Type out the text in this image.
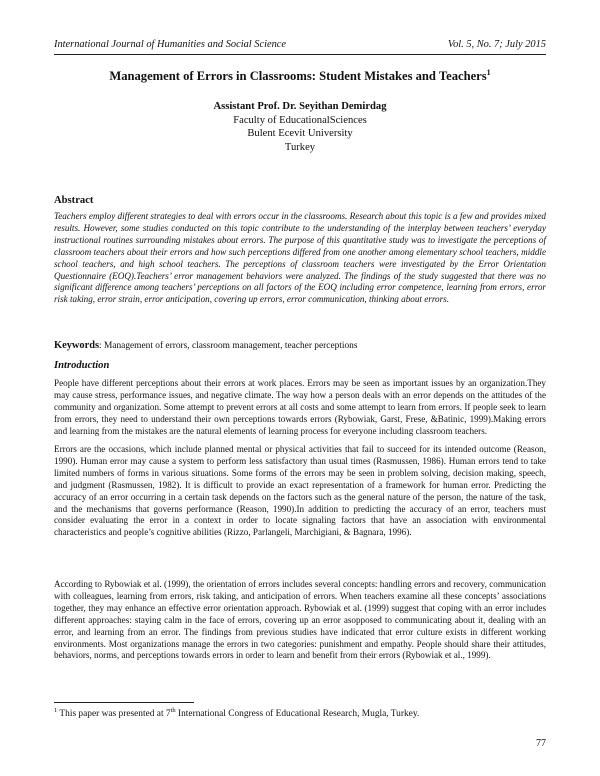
International Journal of Humanities and Social Science	Vol. 5, No. 7; July 2015
Management of Errors in Classrooms: Student Mistakes and Teachers$^1$
Assistant Prof. Dr. Seyithan Demirdag
Faculty of EducationalSciences
Bulent Ecevit University
Turkey
Abstract
Teachers employ different strategies to deal with errors occur in the classrooms. Research about this topic is a few and provides mixed results. However, some studies conducted on this topic contribute to the understanding of the interplay between teachers’ everyday instructional routines surrounding mistakes about errors. The purpose of this quantitative study was to investigate the perceptions of classroom teachers about their errors and how such perceptions differed from one another among elementary school teachers, middle school teachers, and high school teachers. The perceptions of classroom teachers were investigated by the Error Orientation Questionnaire (EOQ).Teachers’ error management behaviors were analyzed. The findings of the study suggested that there was no significant difference among teachers’ perceptions on all factors of the EOQ including error competence, learning from errors, error risk taking, error strain, error anticipation, covering up errors, error communication, thinking about errors.
Keywords: Management of errors, classroom management, teacher perceptions
Introduction
People have different perceptions about their errors at work places. Errors may be seen as important issues by an organization.They may cause stress, performance issues, and negative climate. The way how a person deals with an error depends on the attitudes of the community and organization. Some attempt to prevent errors at all costs and some attempt to learn from errors. If people seek to learn from errors, they need to understand their own perceptions towards errors (Rybowiak, Garst, Frese, &Batinic, 1999).Making errors and learning from the mistakes are the natural elements of learning process for everyone including classroom teachers.
Errors are the occasions, which include planned mental or physical activities that fail to succeed for its intended outcome (Reason, 1990). Human error may cause a system to perform less satisfactory than usual times (Rasmussen, 1986). Human errors tend to take limited numbers of forms in various situations. Some forms of the errors may be seen in problem solving, decision making, speech, and judgment (Rasmussen, 1982). It is difficult to provide an exact representation of a framework for human error. Predicting the accuracy of an error occurring in a certain task depends on the factors such as the general nature of the person, the nature of the task, and the mechanisms that governs performance (Reason, 1990).In addition to predicting the accuracy of an error, teachers must consider evaluating the error in a context in order to locate signaling factors that have an association with environmental characteristics and people’s cognitive abilities (Rizzo, Parlangeli, Marchigiani, & Bagnara, 1996).
According to Rybowiak et al. (1999), the orientation of errors includes several concepts: handling errors and recovery, communication with colleagues, learning from errors, risk taking, and anticipation of errors. When teachers examine all these concepts’ associations together, they may enhance an effective error orientation approach. Rybowiak et al. (1999) suggest that coping with an error includes different approaches: staying calm in the face of errors, covering up an error asopposed to communicating about it, dealing with an error, and learning from an error. The findings from previous studies have indicated that error culture exists in different working environments. Most organizations manage the errors in two categories: punishment and empathy. People should share their attitudes, behaviors, norms, and perceptions towards errors in order to learn and benefit from their errors (Rybowiak et al., 1999).
$^1$ This paper was presented at 7th International Congress of Educational Research, Mugla, Turkey.
77
